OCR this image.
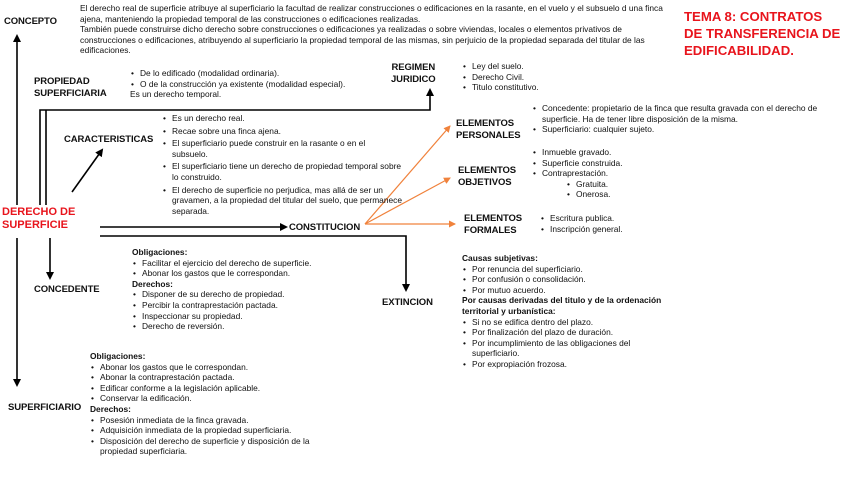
TEMA 8: CONTRATOS
DE TRANSFERENCIA DE
EDIFICABILIDAD.
DERECHO DE
SUPERFICIE
CONCEPTO
El derecho real de superficie atribuye al superficiario la facultad de realizar construcciones o edificaciones en la rasante, en el vuelo y el subsuelo d una finca ajena, manteniendo la propiedad temporal de las construcciones o edificaciones realizadas.
También puede construirse dicho derecho sobre construcciones o edificaciones ya realizadas o sobre viviendas, locales o elementos privativos de construcciones o edificaciones, atribuyendo al superficiario la propiedad temporal de las mismas, sin perjuicio de la propiedad separada del titular de las edificaciones.
PROPIEDAD
SUPERFICIARIA
• De lo edificado (modalidad ordinaria).
• O de la construcción ya existente (modalidad especial).
Es un derecho temporal.
REGIMEN
JURIDICO
• Ley del suelo.
• Derecho Civil.
• Titulo constitutivo.
CARACTERISTICAS
• Es un derecho real.
• Recae sobre una finca ajena.
• El superficiario puede construir en la rasante o en el subsuelo.
• El superficiario tiene un derecho de propiedad temporal sobre lo construido.
• El derecho de superficie no perjudica, mas allá de ser un gravamen, a la propiedad del titular del suelo, que permanece separada.
ELEMENTOS
PERSONALES
• Concedente: propietario de la finca que resulta gravada con el derecho de superficie. Ha de tener libre disposición de la misma.
• Superficiario: cualquier sujeto.
ELEMENTOS
OBJETIVOS
• Inmueble gravado.
• Superficie construida.
• Contraprestación.
• Gratuita.
• Onerosa.
ELEMENTOS
FORMALES
• Escritura publica.
• Inscripción general.
CONSTITUCION
CONCEDENTE
Obligaciones:
• Facilitar el ejercicio del derecho de superficie.
• Abonar los gastos que le correspondan.
Derechos:
• Disponer de su derecho de propiedad.
• Percibir la contraprestación pactada.
• Inspeccionar su propiedad.
• Derecho de reversión.
EXTINCION
Causas subjetivas:
• Por renuncia del superficiario.
• Por confusión o consolidación.
• Por mutuo acuerdo.
Por causas derivadas del titulo y de la ordenación
territorial y urbanística:
• Si no se edifica dentro del plazo.
• Por finalización del plazo de duración.
• Por incumplimiento de las obligaciones del superficiario.
• Por expropiación frozosa.
SUPERFICIARIO
Obligaciones:
• Abonar los gastos que le correspondan.
• Abonar la contraprestación pactada.
• Edificar conforme a la legislación aplicable.
• Conservar la edificación.
Derechos:
• Posesión inmediata de la finca gravada.
• Adquisición inmediata de la propiedad superficiaria.
• Disposición del derecho de superficie y disposición de la propiedad superficiaria.
